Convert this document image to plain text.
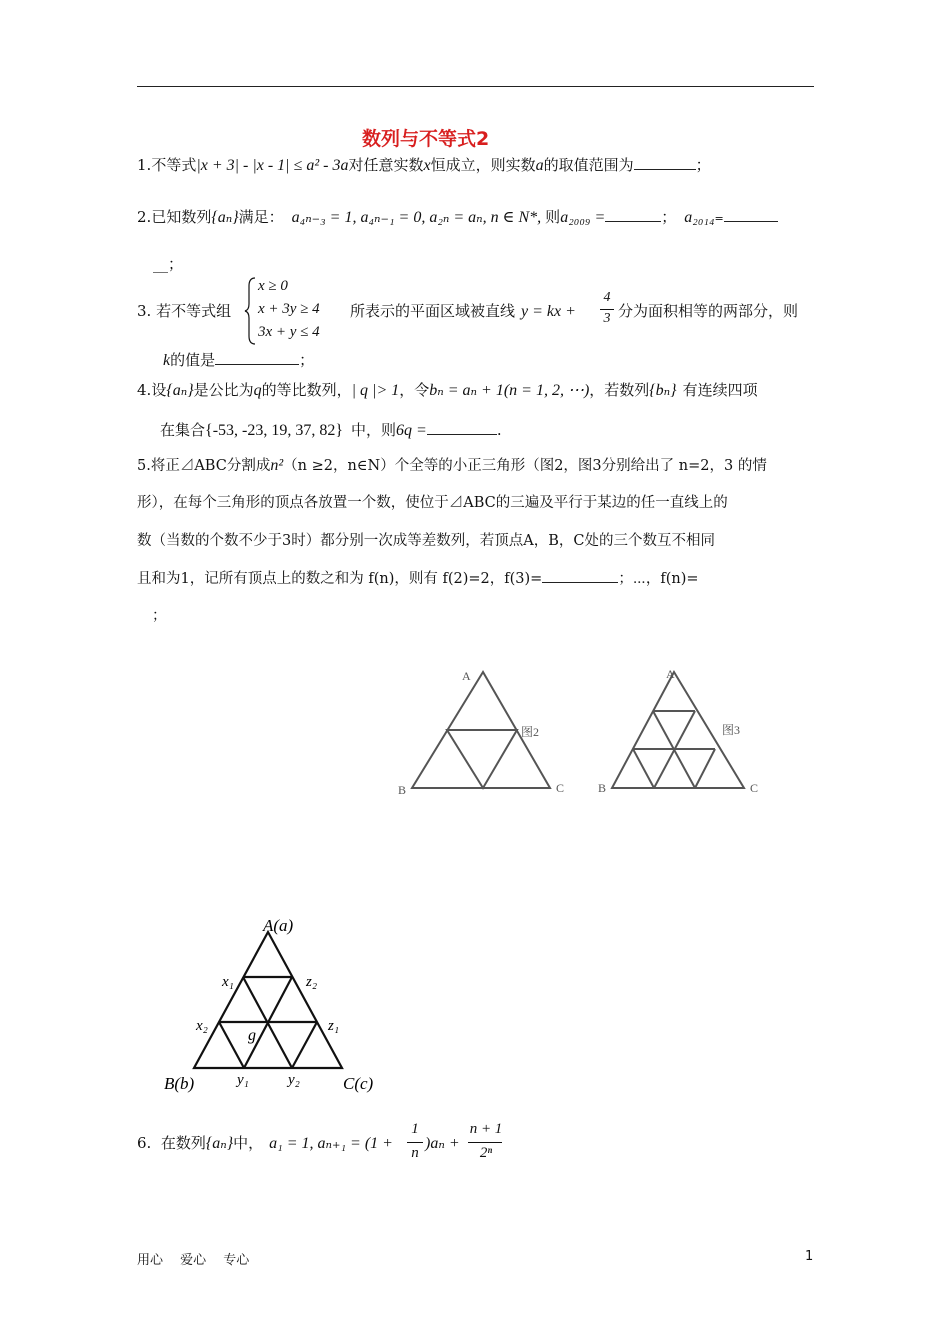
数列与不等式2
1.不等式|x + 3| - |x - 1| ≤ a² - 3a对任意实数x恒成立，则实数a的取值范围为	；
2.已知数列{aₙ}满足： a₄ₙ₋₃ = 1, a₄ₙ₋₁ = 0, a₂ₙ = aₙ, n ∈ N*, 则a₂₀₀₉ =	； a₂₀₁₄=
__；
x ≥ 0
x + 3y ≥ 4
3x + y ≤ 4
3. 若不等式组	所表示的平面区域被直线 y = kx +
4
3 分为面积相等的两部分，则
k的值是	；
4.设{aₙ}是公比为q的等比数列，| q |> 1，令bₙ = aₙ + 1(n = 1, 2, ⋯)，若数列{bₙ} 有连续四项
在集合{-53, -23, 19, 37, 82} 中，则6q =	.
5.将正⊿ABC分割成n²（n ≥2，n∈N）个全等的小正三角形（图2，图3分别给出了 n=2，3 的情
形），在每个三角形的顶点各放置一个数，使位于⊿ABC的三遍及平行于某边的任一直线上的
数（当数的个数不少于3时）都分别一次成等差数列，若顶点A，B，C处的三个数互不相同
且和为1，记所有顶点上的数之和为 f(n)，则有 f(2)=2，f(3)=	；⋯，f(n)=
；
A
B	C
图2
A
B	C
图3
A(a)
B(b)	C(c)
x₁
x₂
z₂
z₁
g
y₁	y₂
6. 在数列{aₙ}中， a₁ = 1, aₙ₊₁ = (1 +
1
n
)aₙ +
n + 1
2ⁿ
用心　 爱心　 专心	1
